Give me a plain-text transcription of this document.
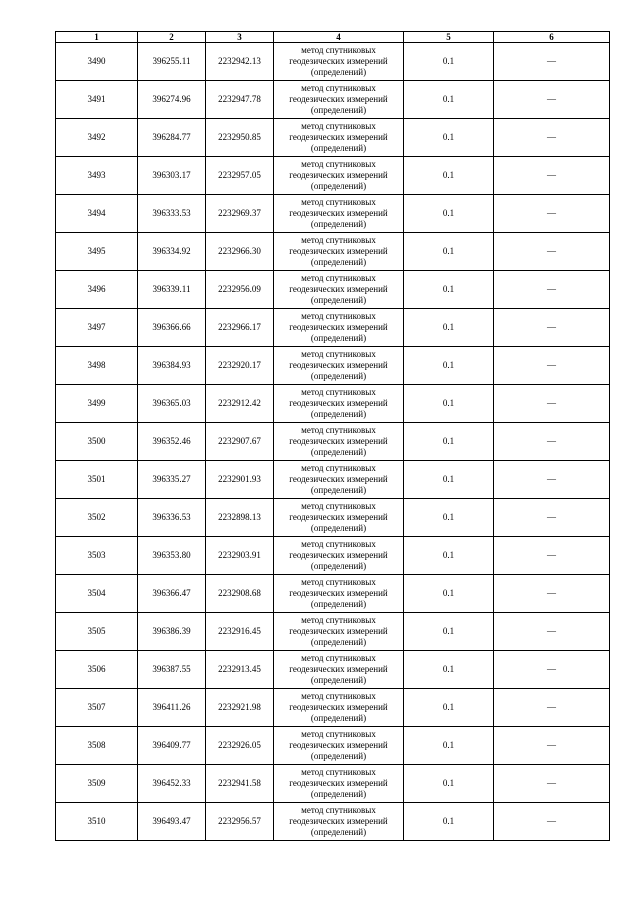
1	2	3	4	5	6
3490	396255.11	2232942.13	метод спутниковых геодезических измерений (определений)	0.1	—
3491	396274.96	2232947.78	метод спутниковых геодезических измерений (определений)	0.1	—
3492	396284.77	2232950.85	метод спутниковых геодезических измерений (определений)	0.1	—
3493	396303.17	2232957.05	метод спутниковых геодезических измерений (определений)	0.1	—
3494	396333.53	2232969.37	метод спутниковых геодезических измерений (определений)	0.1	—
3495	396334.92	2232966.30	метод спутниковых геодезических измерений (определений)	0.1	—
3496	396339.11	2232956.09	метод спутниковых геодезических измерений (определений)	0.1	—
3497	396366.66	2232966.17	метод спутниковых геодезических измерений (определений)	0.1	—
3498	396384.93	2232920.17	метод спутниковых геодезических измерений (определений)	0.1	—
3499	396365.03	2232912.42	метод спутниковых геодезических измерений (определений)	0.1	—
3500	396352.46	2232907.67	метод спутниковых геодезических измерений (определений)	0.1	—
3501	396335.27	2232901.93	метод спутниковых геодезических измерений (определений)	0.1	—
3502	396336.53	2232898.13	метод спутниковых геодезических измерений (определений)	0.1	—
3503	396353.80	2232903.91	метод спутниковых геодезических измерений (определений)	0.1	—
3504	396366.47	2232908.68	метод спутниковых геодезических измерений (определений)	0.1	—
3505	396386.39	2232916.45	метод спутниковых геодезических измерений (определений)	0.1	—
3506	396387.55	2232913.45	метод спутниковых геодезических измерений (определений)	0.1	—
3507	396411.26	2232921.98	метод спутниковых геодезических измерений (определений)	0.1	—
3508	396409.77	2232926.05	метод спутниковых геодезических измерений (определений)	0.1	—
3509	396452.33	2232941.58	метод спутниковых геодезических измерений (определений)	0.1	—
3510	396493.47	2232956.57	метод спутниковых геодезических измерений (определений)	0.1	—
